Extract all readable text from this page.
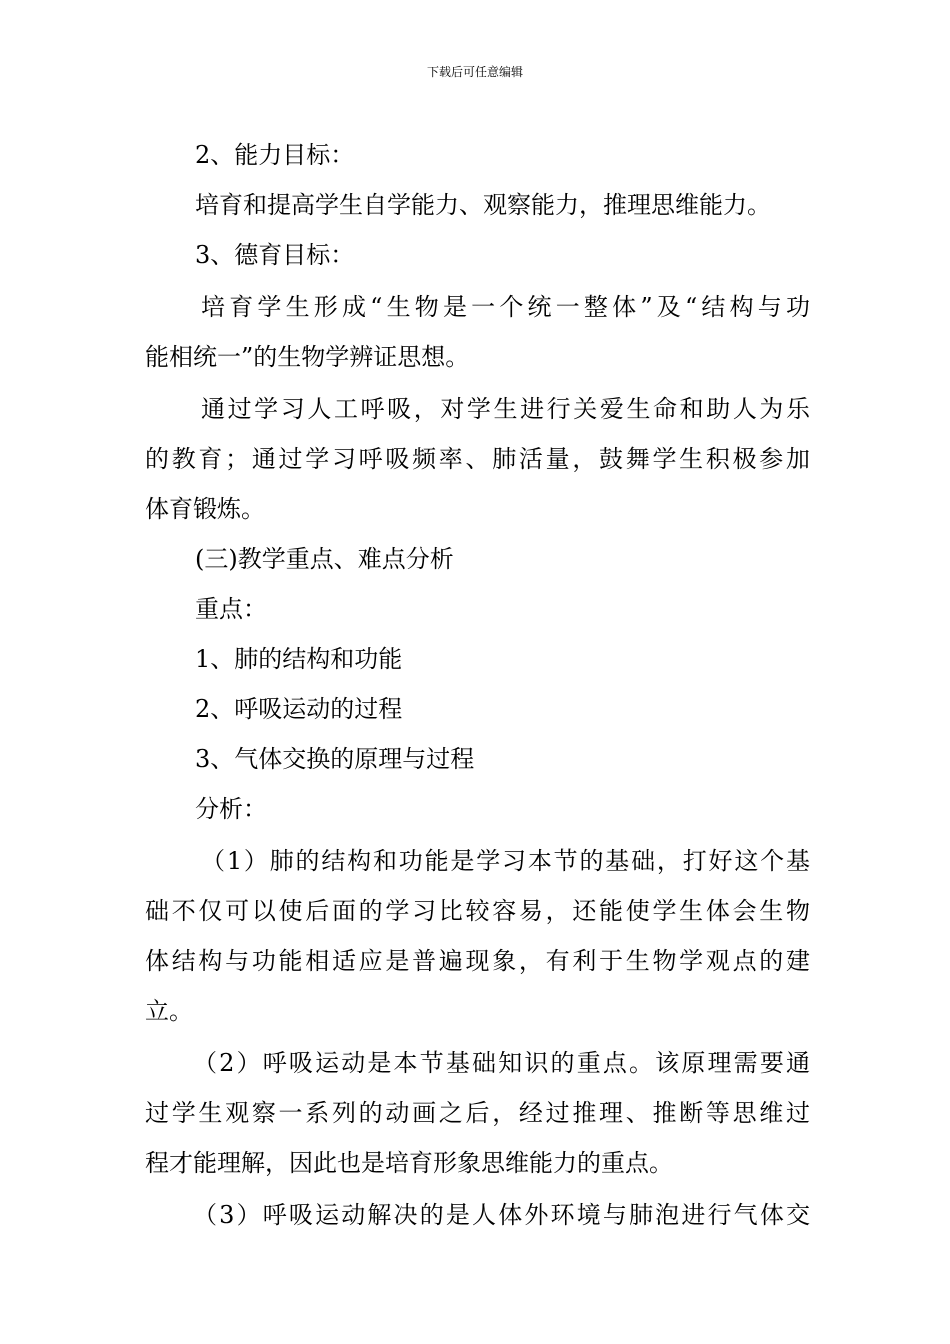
下载后可任意编辑
2、能力目标：
培育和提高学生自学能力、观察能力，推理思维能力。
3、德育目标：
培育学生形成“生物是一个统一整体”及“结构与功
能相统一”的生物学辨证思想。
通过学习人工呼吸，对学生进行关爱生命和助人为乐
的教育；通过学习呼吸频率、肺活量，鼓舞学生积极参加
体育锻炼。
(三)教学重点、难点分析
重点：
1、肺的结构和功能
2、呼吸运动的过程
3、气体交换的原理与过程
分析：
（1）肺的结构和功能是学习本节的基础，打好这个基
础不仅可以使后面的学习比较容易，还能使学生体会生物
体结构与功能相适应是普遍现象，有利于生物学观点的建
立。
（2）呼吸运动是本节基础知识的重点。该原理需要通
过学生观察一系列的动画之后，经过推理、推断等思维过
程才能理解，因此也是培育形象思维能力的重点。
（3）呼吸运动解决的是人体外环境与肺泡进行气体交
